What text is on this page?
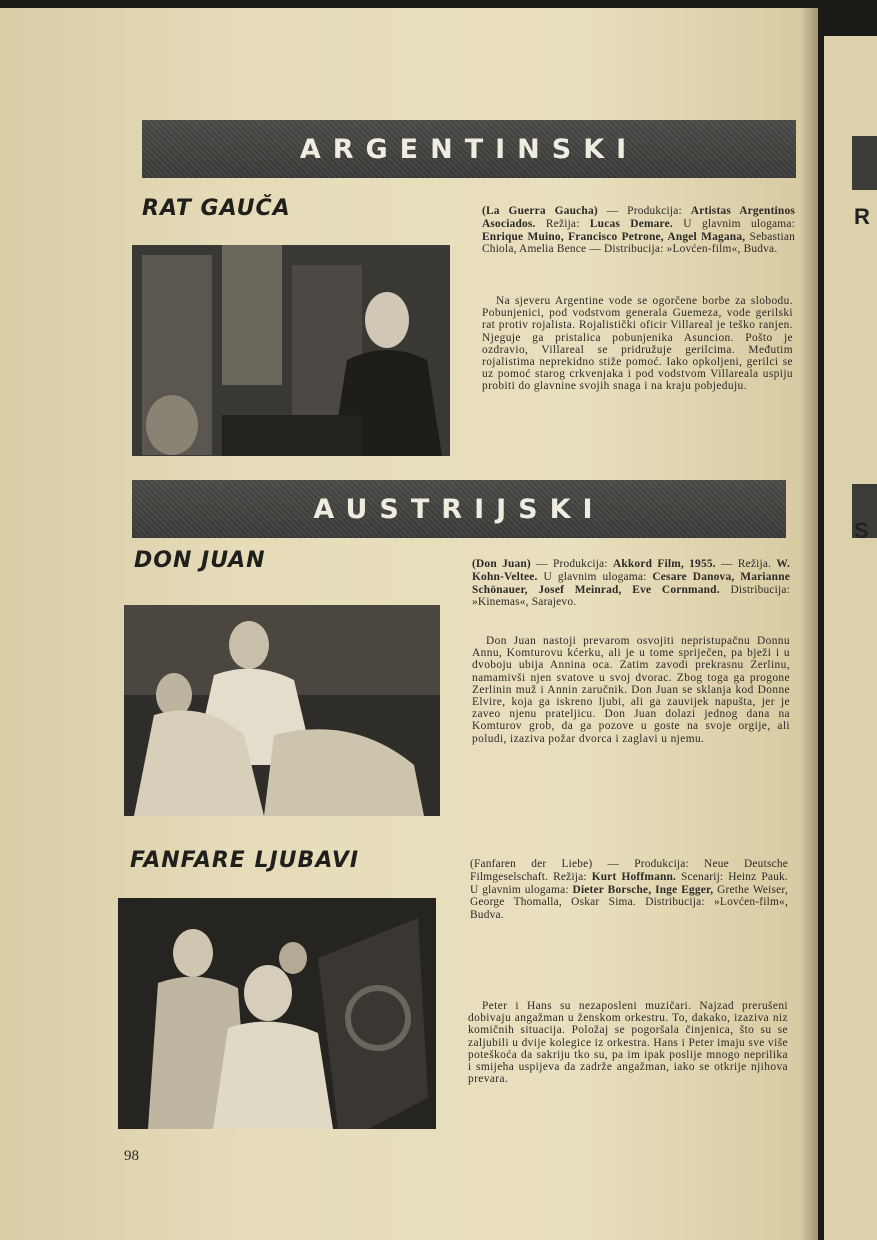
ARGENTINSKI
RAT GAUČA	(La Guerra Gaucha) — Produkcija: Artistas Argentinos Asociados. Režija: Lucas Demare. U glavnim ulogama: Enrique Muino, Francisco Petrone, Angel Magana, Sebastian Chiola, Amelia Bence — Distribucija: »Lovćen-film«, Budva.
Na sjeveru Argentine vode se ogorčene borbe za slobodu. Pobunjenici, pod vodstvom generala Guemeza, vode gerilski rat protiv rojalista. Rojalistički oficir Villareal je teško ranjen. Njeguje ga pristalica pobunjenika Asuncion. Pošto je ozdravio, Villareal se pridružuje gerilcima. Međutim rojalistima neprekidno stiže pomoć. Iako opkoljeni, gerilci se uz pomoć starog crkvenjaka i pod vodstvom Villareala uspiju probiti do glavnine svojih snaga i na kraju pobjeduju.
AUSTRIJSKI
DON JUAN	(Don Juan) — Produkcija: Akkord Film, 1955. — Režija. W. Kohn-Veltee. U glavnim ulogama: Cesare Danova, Marianne Schönauer, Josef Meinrad, Eve Cornmand. Distribucija: »Kinemas«, Sarajevo.
Don Juan nastoji prevarom osvojiti nepristupačnu Donnu Annu, Komturovu kćerku, ali je u tome spriječen, pa bježi i u dvoboju ubija Annina oca. Zatim zavodi prekrasnu Zerlinu, namamivši njen svatove u svoj dvorac. Zbog toga ga progone Zerlinin muž i Annin zaručnik. Don Juan se sklanja kod Donne Elvire, koja ga iskreno ljubi, ali ga zauvijek napušta, jer je zaveo njenu prateljicu. Don Juan dolazi jednog dana na Komturov grob, da ga pozove u goste na svoje orgije, ali poludi, izaziva požar dvorca i zaglavi u njemu.
FANFARE LJUBAVI	(Fanfaren der Liebe) — Produkcija: Neue Deutsche Filmgeselschaft. Režija: Kurt Hoffmann. Scenarij: Heinz Pauk. U glavnim ulogama: Dieter Borsche, Inge Egger, Grethe Weiser, George Thomalla, Oskar Sima. Distribucija: »Lovćen-film«, Budva.
Peter i Hans su nezaposleni muzičari. Najzad prerušeni dobivaju angažman u ženskom orkestru. To, dakako, izaziva niz komičnih situacija. Položaj se pogoršala činjenica, što su se zaljubili u dvije kolegice iz orkestra. Hans i Peter imaju sve više poteškoća da sakriju tko su, pa im ipak poslije mnogo neprilika i smijeha uspijeva da zadrže angažman, iako se otkrije njihova prevara.
98
R
S
